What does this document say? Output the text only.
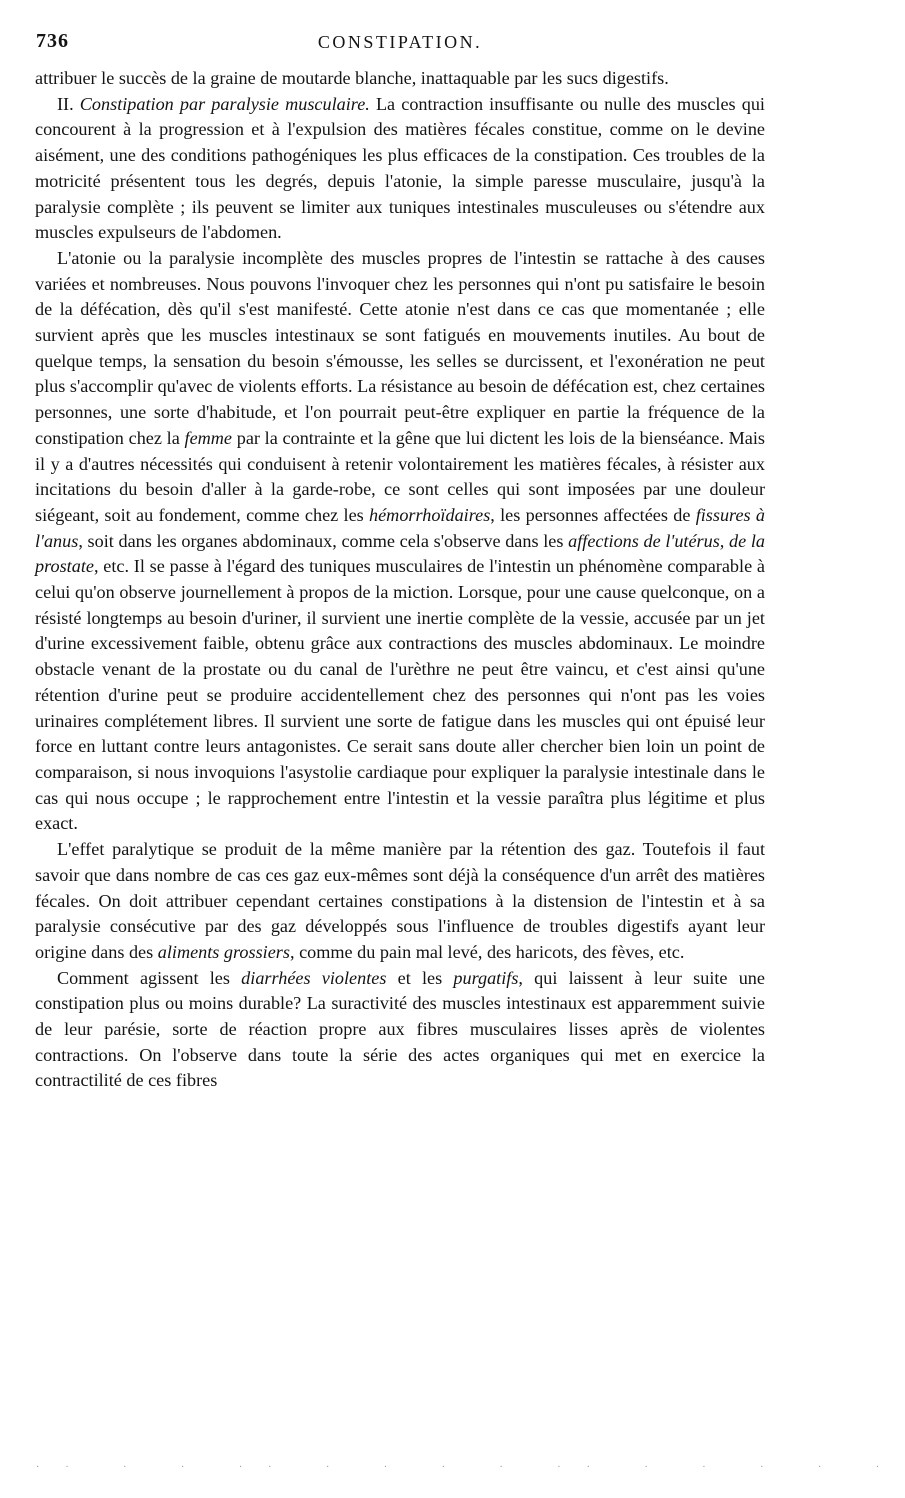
736	CONSTIPATION.

attribuer le succès de la graine de moutarde blanche, inattaquable par les sucs digestifs.

II. Constipation par paralysie musculaire. La contraction insuffisante ou nulle des muscles qui concourent à la progression et à l'expulsion des matières fécales constitue, comme on le devine aisément, une des conditions pathogéniques les plus efficaces de la constipation. Ces troubles de la motricité présentent tous les degrés, depuis l'atonie, la simple paresse musculaire, jusqu'à la paralysie complète ; ils peuvent se limiter aux tuniques intestinales musculeuses ou s'étendre aux muscles expulseurs de l'abdomen.

L'atonie ou la paralysie incomplète des muscles propres de l'intestin se rattache à des causes variées et nombreuses. Nous pouvons l'invoquer chez les personnes qui n'ont pu satisfaire le besoin de la défécation, dès qu'il s'est manifesté. Cette atonie n'est dans ce cas que momentanée ; elle survient après que les muscles intestinaux se sont fatigués en mouvements inutiles. Au bout de quelque temps, la sensation du besoin s'émousse, les selles se durcissent, et l'exonération ne peut plus s'accomplir qu'avec de violents efforts. La résistance au besoin de défécation est, chez certaines personnes, une sorte d'habitude, et l'on pourrait peut-être expliquer en partie la fréquence de la constipation chez la femme par la contrainte et la gêne que lui dictent les lois de la bienséance. Mais il y a d'autres nécessités qui conduisent à retenir volontairement les matières fécales, à résister aux incitations du besoin d'aller à la garde-robe, ce sont celles qui sont imposées par une douleur siégeant, soit au fondement, comme chez les hémorrhoïdaires, les personnes affectées de fissures à l'anus, soit dans les organes abdominaux, comme cela s'observe dans les affections de l'utérus, de la prostate, etc. Il se passe à l'égard des tuniques musculaires de l'intestin un phénomène comparable à celui qu'on observe journellement à propos de la miction. Lorsque, pour une cause quelconque, on a résisté longtemps au besoin d'uriner, il survient une inertie complète de la vessie, accusée par un jet d'urine excessivement faible, obtenu grâce aux contractions des muscles abdominaux. Le moindre obstacle venant de la prostate ou du canal de l'urèthre ne peut être vaincu, et c'est ainsi qu'une rétention d'urine peut se produire accidentellement chez des personnes qui n'ont pas les voies urinaires complétement libres. Il survient une sorte de fatigue dans les muscles qui ont épuisé leur force en luttant contre leurs antagonistes. Ce serait sans doute aller chercher bien loin un point de comparaison, si nous invoquions l'asystolie cardiaque pour expliquer la paralysie intestinale dans le cas qui nous occupe ; le rapprochement entre l'intestin et la vessie paraîtra plus légitime et plus exact.

L'effet paralytique se produit de la même manière par la rétention des gaz. Toutefois il faut savoir que dans nombre de cas ces gaz eux-mêmes sont déjà la conséquence d'un arrêt des matières fécales. On doit attribuer cependant certaines constipations à la distension de l'intestin et à sa paralysie consécutive par des gaz développés sous l'influence de troubles digestifs ayant leur origine dans des aliments grossiers, comme du pain mal levé, des haricots, des fèves, etc.

Comment agissent les diarrhées violentes et les purgatifs, qui laissent à leur suite une constipation plus ou moins durable? La suractivité des muscles intestinaux est apparemment suivie de leur parésie, sorte de réaction propre aux fibres musculaires lisses après de violentes contractions. On l'observe dans toute la série des actes organiques qui met en exercice la contractilité de ces fibres

·· · · ·· · · · · ·· · · · · ·
